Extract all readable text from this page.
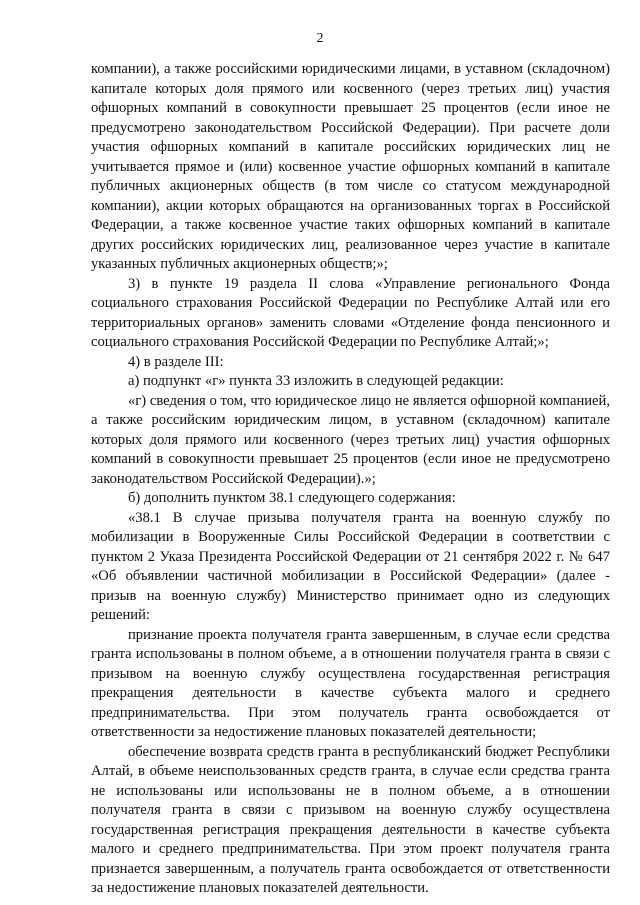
2

компании), а также российскими юридическими лицами, в уставном (складочном) капитале которых доля прямого или косвенного (через третьих лиц) участия офшорных компаний в совокупности превышает 25 процентов (если иное не предусмотрено законодательством Российской Федерации). При расчете доли участия офшорных компаний в капитале российских юридических лиц не учитывается прямое и (или) косвенное участие офшорных компаний в капитале публичных акционерных обществ (в том числе со статусом международной компании), акции которых обращаются на организованных торгах в Российской Федерации, а также косвенное участие таких офшорных компаний в капитале других российских юридических лиц, реализованное через участие в капитале указанных публичных акционерных обществ;»;

3) в пункте 19 раздела II слова «Управление регионального Фонда социального страхования Российской Федерации по Республике Алтай или его территориальных органов» заменить словами «Отделение фонда пенсионного и социального страхования Российской Федерации по Республике Алтай;»;

4) в разделе III:

а) подпункт «г» пункта 33 изложить в следующей редакции:

«г) сведения о том, что юридическое лицо не является офшорной компанией, а также российским юридическим лицом, в уставном (складочном) капитале которых доля прямого или косвенного (через третьих лиц) участия офшорных компаний в совокупности превышает 25 процентов (если иное не предусмотрено законодательством Российской Федерации).»;

б) дополнить пунктом 38.1 следующего содержания:

«38.1 В случае призыва получателя гранта на военную службу по мобилизации в Вооруженные Силы Российской Федерации в соответствии с пунктом 2 Указа Президента Российской Федерации от 21 сентября 2022 г. № 647 «Об объявлении частичной мобилизации в Российской Федерации» (далее - призыв на военную службу) Министерство принимает одно из следующих решений:

признание проекта получателя гранта завершенным, в случае если средства гранта использованы в полном объеме, а в отношении получателя гранта в связи с призывом на военную службу осуществлена государственная регистрация прекращения деятельности в качестве субъекта малого и среднего предпринимательства. При этом получатель гранта освобождается от ответственности за недостижение плановых показателей деятельности;

обеспечение возврата средств гранта в республиканский бюджет Республики Алтай, в объеме неиспользованных средств гранта, в случае если средства гранта не использованы или использованы не в полном объеме, а в отношении получателя гранта в связи с призывом на военную службу осуществлена государственная регистрация прекращения деятельности в качестве субъекта малого и среднего предпринимательства. При этом проект получателя гранта признается завершенным, а получатель гранта освобождается от ответственности за недостижение плановых показателей деятельности.
